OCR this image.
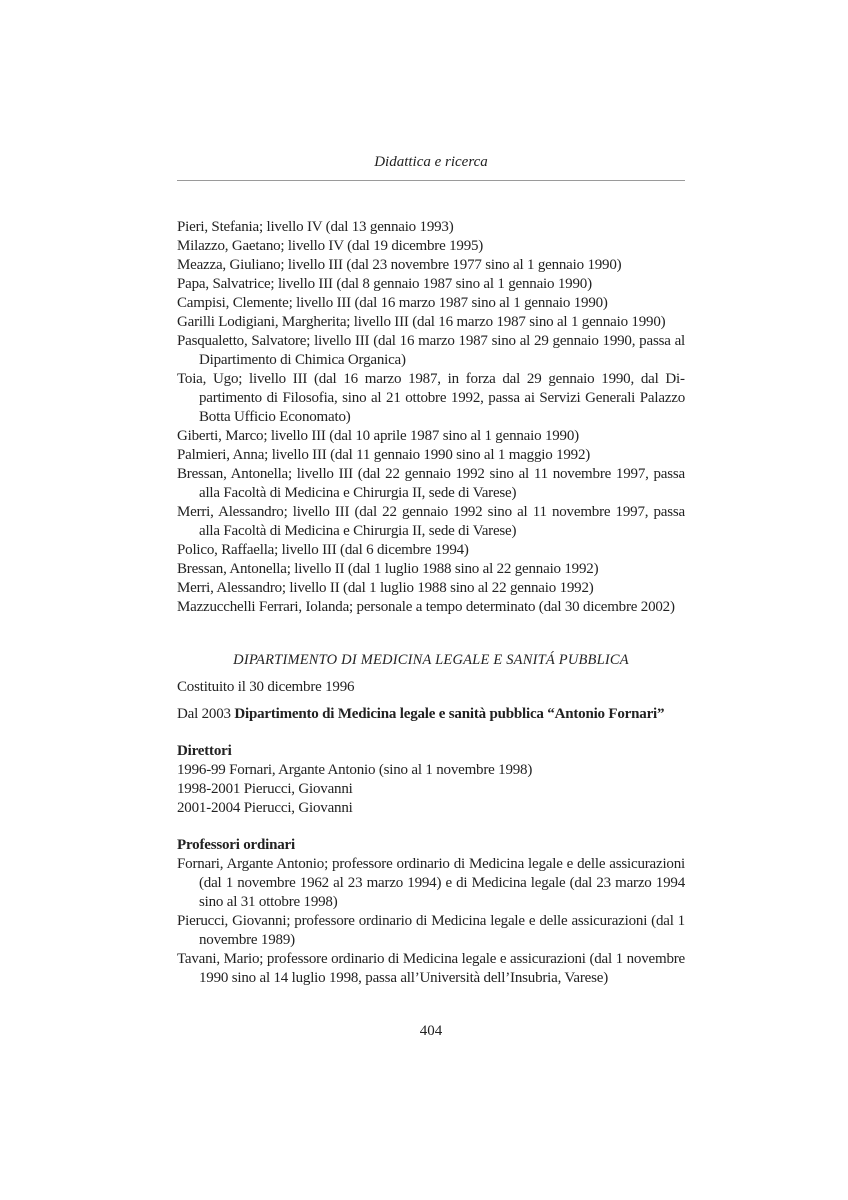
Didattica e ricerca
Pieri, Stefania; livello IV (dal 13 gennaio 1993)
Milazzo, Gaetano; livello IV (dal 19 dicembre 1995)
Meazza, Giuliano; livello III (dal 23 novembre 1977 sino al 1 gennaio 1990)
Papa, Salvatrice; livello III (dal 8 gennaio 1987 sino al 1 gennaio 1990)
Campisi, Clemente; livello III (dal 16 marzo 1987 sino al 1 gennaio 1990)
Garilli Lodigiani, Margherita; livello III (dal 16 marzo 1987 sino al 1 gennaio 1990)
Pasqualetto, Salvatore; livello III (dal 16 marzo 1987 sino al 29 gennaio 1990, passa al Dipartimento di Chimica Organica)
Toia, Ugo; livello III (dal 16 marzo 1987, in forza dal 29 gennaio 1990, dal Dipartimento di Filosofia, sino al 21 ottobre 1992, passa ai Servizi Generali Palazzo Botta Ufficio Economato)
Giberti, Marco; livello III (dal 10 aprile 1987 sino al 1 gennaio 1990)
Palmieri, Anna; livello III (dal 11 gennaio 1990 sino al 1 maggio 1992)
Bressan, Antonella; livello III (dal 22 gennaio 1992 sino al 11 novembre 1997, passa alla Facoltà di Medicina e Chirurgia II, sede di Varese)
Merri, Alessandro; livello III (dal 22 gennaio 1992 sino al 11 novembre 1997, passa alla Facoltà di Medicina e Chirurgia II, sede di Varese)
Polico, Raffaella; livello III (dal 6 dicembre 1994)
Bressan, Antonella; livello II (dal 1 luglio 1988 sino al 22 gennaio 1992)
Merri, Alessandro; livello II (dal 1 luglio 1988 sino al 22 gennaio 1992)
Mazzucchelli Ferrari, Iolanda; personale a tempo determinato (dal 30 dicembre 2002)
DIPARTIMENTO DI MEDICINA LEGALE E SANITÁ PUBBLICA
Costituito il 30 dicembre 1996
Dal 2003 Dipartimento di Medicina legale e sanità pubblica “Antonio Fornari”
Direttori
1996-99 Fornari, Argante Antonio (sino al 1 novembre 1998)
1998-2001 Pierucci, Giovanni
2001-2004 Pierucci, Giovanni
Professori ordinari
Fornari, Argante Antonio; professore ordinario di Medicina legale e delle assicurazioni (dal 1 novembre 1962 al 23 marzo 1994) e di Medicina legale (dal 23 marzo 1994 sino al 31 ottobre 1998)
Pierucci, Giovanni; professore ordinario di Medicina legale e delle assicurazioni (dal 1 novembre 1989)
Tavani, Mario; professore ordinario di Medicina legale e assicurazioni (dal 1 novembre 1990 sino al 14 luglio 1998, passa all’Università dell’Insubria, Varese)
404
